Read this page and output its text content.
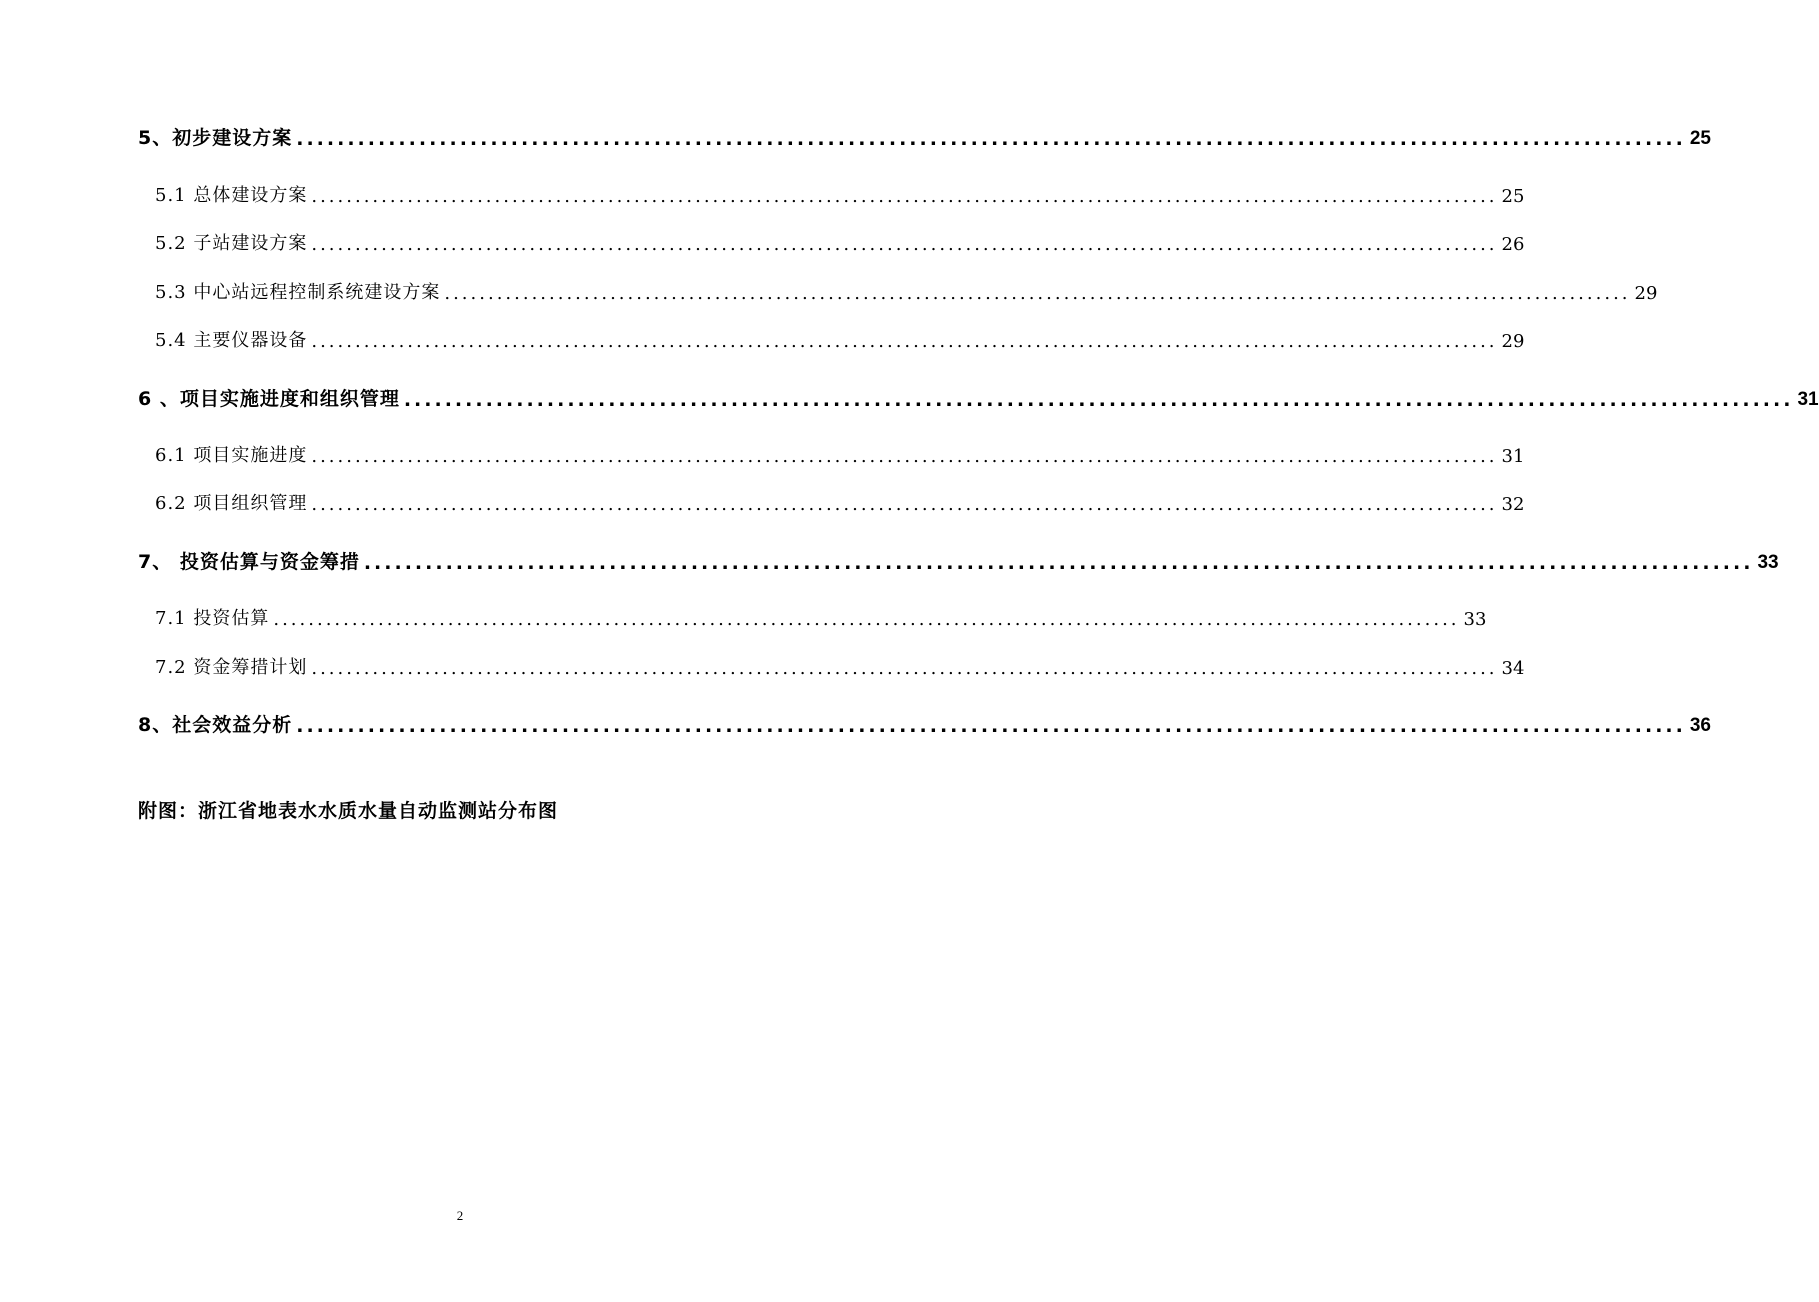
5、初步建设方案 ........................................................................................................................................ 25
5.1 总体建设方案 ........................................................................................................................................ 25
5.2 子站建设方案 ........................................................................................................................................ 26
5.3 中心站远程控制系统建设方案 ........................................................................................................................................ 29
5.4 主要仪器设备 ........................................................................................................................................ 29
6 、项目实施进度和组织管理 ........................................................................................................................................ 31
6.1 项目实施进度 ........................................................................................................................................ 31
6.2 项目组织管理 ........................................................................................................................................ 32
7、 投资估算与资金筹措 ........................................................................................................................................ 33
7.1 投资估算 ........................................................................................................................................ 33
7.2 资金筹措计划 ........................................................................................................................................ 34
8、社会效益分析 ........................................................................................................................................ 36
附图：浙江省地表水水质水量自动监测站分布图
2
